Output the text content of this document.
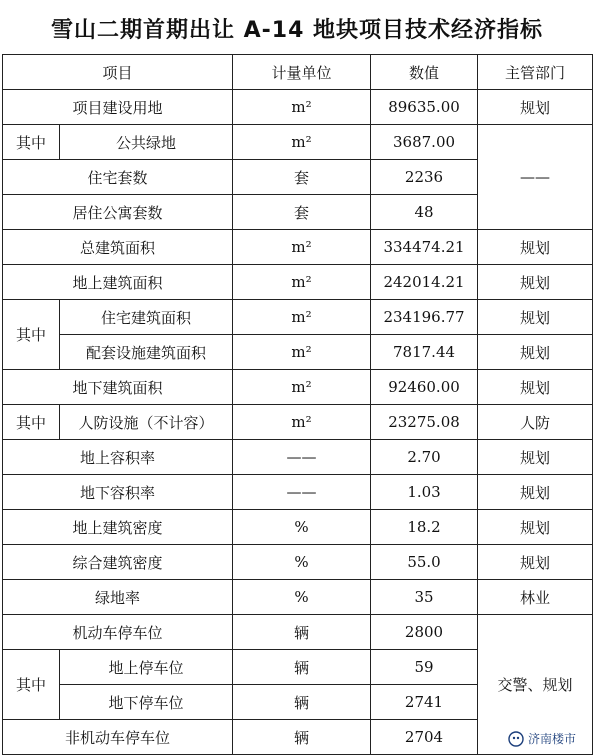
雪山二期首期出让 A-14 地块项目技术经济指标
项目		计量单位	数值	主管部门
项目建设用地		m²	89635.00	规划
其中	公共绿地	m²	3687.00	——
住宅套数		套	2236	
居住公寓套数		套	48	
总建筑面积		m²	334474.21	规划
地上建筑面积		m²	242014.21	规划
其中	住宅建筑面积	m²	234196.77	规划
	配套设施建筑面积	m²	7817.44	规划
地下建筑面积		m²	92460.00	规划
其中	人防设施（不计容）	m²	23275.08	人防
地上容积率		——	2.70	规划
地下容积率		——	1.03	规划
地上建筑密度		%	18.2	规划
综合建筑密度		%	55.0	规划
绿地率		%	35	林业
机动车停车位		辆	2800	交警、规划
其中	地上停车位	辆	59	
	地下停车位	辆	2741	
非机动车停车位		辆	2704		济南楼市
